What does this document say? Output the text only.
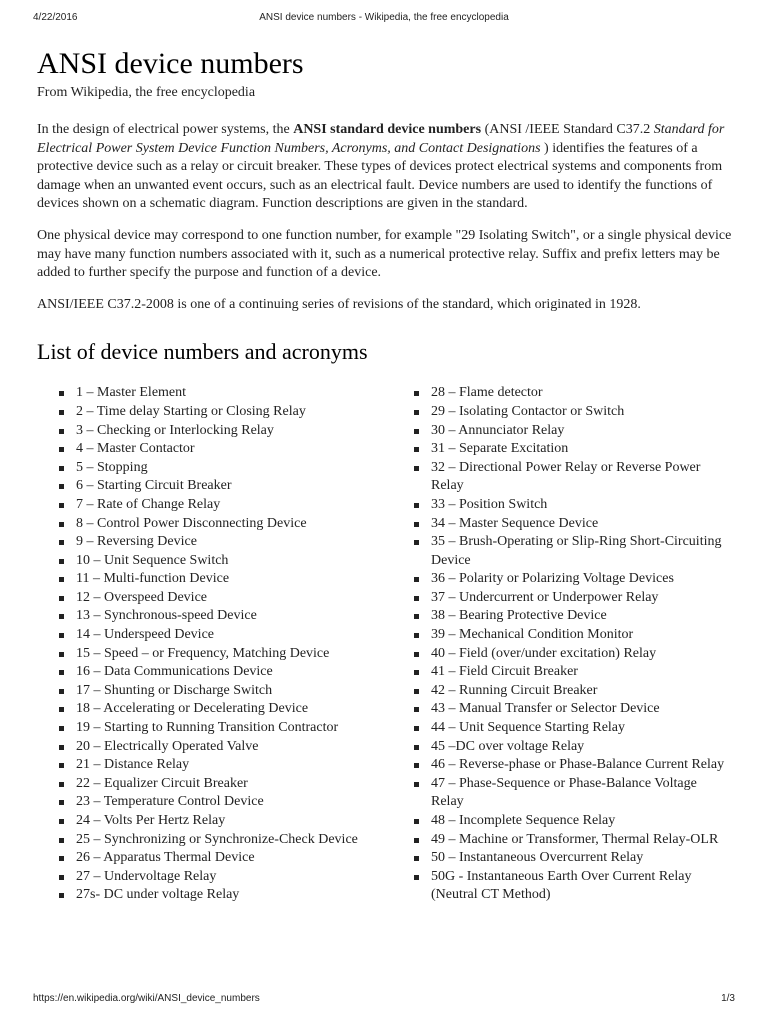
4/22/2016	ANSI device numbers - Wikipedia, the free encyclopedia
ANSI device numbers
From Wikipedia, the free encyclopedia

In the design of electrical power systems, the ANSI standard device numbers (ANSI /IEEE Standard C37.2 Standard for Electrical Power System Device Function Numbers, Acronyms, and Contact Designations ) identifies the features of a protective device such as a relay or circuit breaker. These types of devices protect electrical systems and components from damage when an unwanted event occurs, such as an electrical fault. Device numbers are used to identify the functions of devices shown on a schematic diagram. Function descriptions are given in the standard.

One physical device may correspond to one function number, for example "29 Isolating Switch", or a single physical device may have many function numbers associated with it, such as a numerical protective relay. Suffix and prefix letters may be added to further specify the purpose and function of a device.

ANSI/IEEE C37.2-2008 is one of a continuing series of revisions of the standard, which originated in 1928.

List of device numbers and acronyms
1 – Master Element
2 – Time delay Starting or Closing Relay
3 – Checking or Interlocking Relay
4 – Master Contactor
5 – Stopping
6 – Starting Circuit Breaker
7 – Rate of Change Relay
8 – Control Power Disconnecting Device
9 – Reversing Device
10 – Unit Sequence Switch
11 – Multi-function Device
12 – Overspeed Device
13 – Synchronous-speed Device
14 – Underspeed Device
15 – Speed – or Frequency, Matching Device
16 – Data Communications Device
17 – Shunting or Discharge Switch
18 – Accelerating or Decelerating Device
19 – Starting to Running Transition Contractor
20 – Electrically Operated Valve
21 – Distance Relay
22 – Equalizer Circuit Breaker
23 – Temperature Control Device
24 – Volts Per Hertz Relay
25 – Synchronizing or Synchronize-Check Device
26 – Apparatus Thermal Device
27 – Undervoltage Relay
27s- DC under voltage Relay
28 – Flame detector
29 – Isolating Contactor or Switch
30 – Annunciator Relay
31 – Separate Excitation
32 – Directional Power Relay or Reverse Power Relay
33 – Position Switch
34 – Master Sequence Device
35 – Brush-Operating or Slip-Ring Short-Circuiting Device
36 – Polarity or Polarizing Voltage Devices
37 – Undercurrent or Underpower Relay
38 – Bearing Protective Device
39 – Mechanical Condition Monitor
40 – Field (over/under excitation) Relay
41 – Field Circuit Breaker
42 – Running Circuit Breaker
43 – Manual Transfer or Selector Device
44 – Unit Sequence Starting Relay
45 –DC over voltage Relay
46 – Reverse-phase or Phase-Balance Current Relay
47 – Phase-Sequence or Phase-Balance Voltage Relay
48 – Incomplete Sequence Relay
49 – Machine or Transformer, Thermal Relay-OLR
50 – Instantaneous Overcurrent Relay
50G - Instantaneous Earth Over Current Relay (Neutral CT Method)
https://en.wikipedia.org/wiki/ANSI_device_numbers	1/3
